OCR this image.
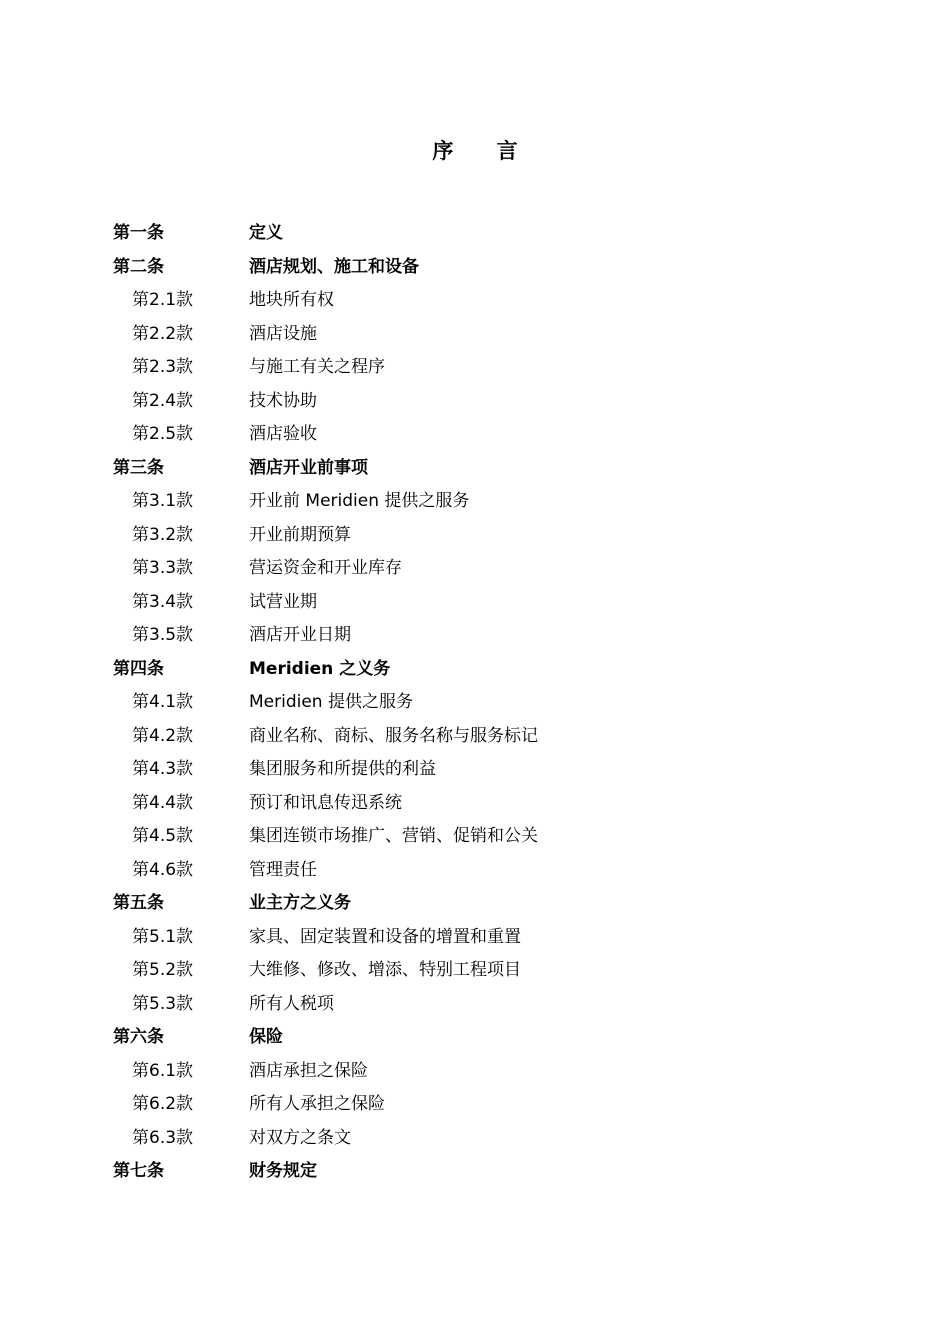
序 言
第一条	定义
第二条	酒店规划、施工和设备
第2.1款	地块所有权
第2.2款	酒店设施
第2.3款	与施工有关之程序
第2.4款	技术协助
第2.5款	酒店验收
第三条	酒店开业前事项
第3.1款	开业前 Meridien 提供之服务
第3.2款	开业前期预算
第3.3款	营运资金和开业库存
第3.4款	试营业期
第3.5款	酒店开业日期
第四条	Meridien 之义务
第4.1款	Meridien 提供之服务
第4.2款	商业名称、商标、服务名称与服务标记
第4.3款	集团服务和所提供的利益
第4.4款	预订和讯息传迅系统
第4.5款	集团连锁市场推广、营销、促销和公关
第4.6款	管理责任
第五条	业主方之义务
第5.1款	家具、固定装置和设备的增置和重置
第5.2款	大维修、修改、增添、特别工程项目
第5.3款	所有人税项
第六条	保险
第6.1款	酒店承担之保险
第6.2款	所有人承担之保险
第6.3款	对双方之条文
第七条	财务规定
